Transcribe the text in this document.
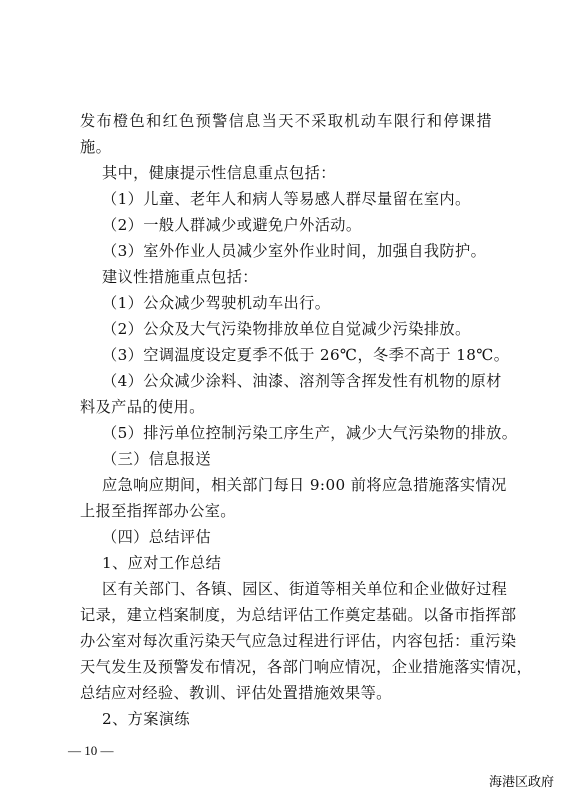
发布橙色和红色预警信息当天不采取机动车限行和停课措
施。
其中，健康提示性信息重点包括：
（1）儿童、老年人和病人等易感人群尽量留在室内。
（2）一般人群减少或避免户外活动。
（3）室外作业人员减少室外作业时间，加强自我防护。
建议性措施重点包括：
（1）公众减少驾驶机动车出行。
（2）公众及大气污染物排放单位自觉减少污染排放。
（3）空调温度设定夏季不低于 26℃，冬季不高于 18℃。
（4）公众减少涂料、油漆、溶剂等含挥发性有机物的原材
料及产品的使用。
（5）排污单位控制污染工序生产，减少大气污染物的排放。
（三）信息报送
应急响应期间，相关部门每日 9:00 前将应急措施落实情况
上报至指挥部办公室。
（四）总结评估
1、应对工作总结
区有关部门、各镇、园区、街道等相关单位和企业做好过程
记录，建立档案制度，为总结评估工作奠定基础。以备市指挥部
办公室对每次重污染天气应急过程进行评估，内容包括：重污染
天气发生及预警发布情况，各部门响应情况，企业措施落实情况，
总结应对经验、教训、评估处置措施效果等。
2、方案演练
— 10 —
海港区政府
